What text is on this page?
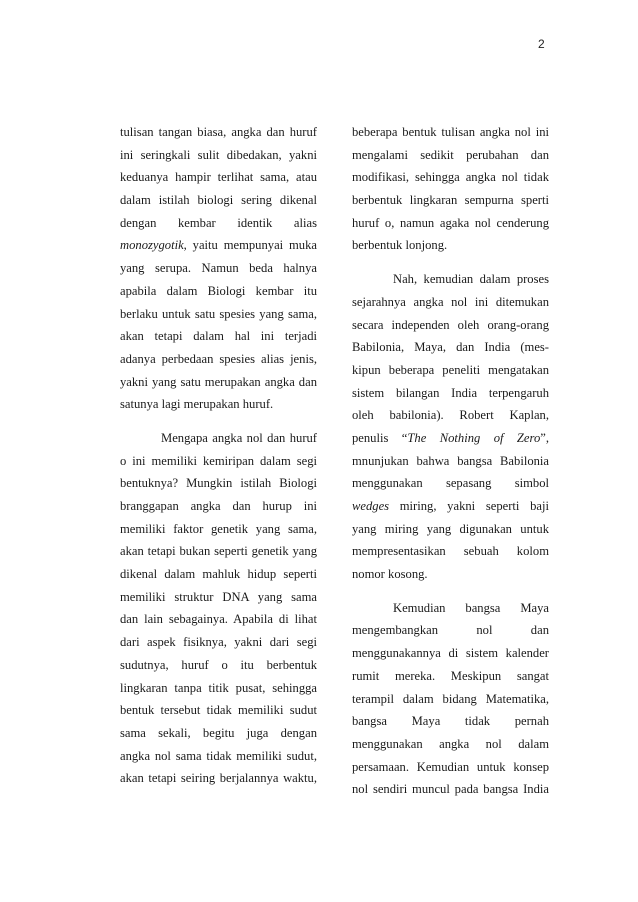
2
tulisan tangan biasa, angka dan huruf
ini seringkali sulit dibedakan, yakni
keduanya hampir terlihat sama, atau
dalam istilah biologi sering dikenal
dengan kembar identik alias
monozygotik, yaitu mempunyai muka
yang serupa. Namun beda halnya
apabila dalam Biologi kembar itu
berlaku untuk satu spesies yang sama,
akan tetapi dalam hal ini terjadi
adanya perbedaan spesies alias jenis,
yakni yang satu merupakan angka dan
satunya lagi merupakan huruf.
Mengapa angka nol dan huruf
o ini memiliki kemiripan dalam segi
bentuknya? Mungkin istilah Biologi
branggapan angka dan hurup ini
memiliki faktor genetik yang sama,
akan tetapi bukan seperti genetik yang
dikenal dalam mahluk hidup seperti
memiliki struktur DNA yang sama
dan lain sebagainya. Apabila di lihat
dari aspek fisiknya, yakni dari segi
sudutnya, huruf o itu berbentuk
lingkaran tanpa titik pusat, sehingga
bentuk tersebut tidak memiliki sudut
sama sekali, begitu juga dengan
angka nol sama tidak memiliki sudut,
akan tetapi seiring berjalannya waktu,
beberapa bentuk tulisan angka nol ini
mengalami sedikit perubahan dan
modifikasi, sehingga angka nol tidak
berbentuk lingkaran sempurna sperti
huruf o, namun agaka nol cenderung
berbentuk lonjong.
Nah, kemudian dalam proses
sejarahnya angka nol ini ditemukan
secara independen oleh orang-orang
Babilonia, Maya, dan India (mes-
kipun beberapa peneliti mengatakan
sistem bilangan India terpengaruh
oleh babilonia). Robert Kaplan,
penulis “The Nothing of Zero”,
mnunjukan bahwa bangsa Babilonia
menggunakan sepasang simbol
wedges miring, yakni seperti baji
yang miring yang digunakan untuk
mempresentasikan sebuah kolom
nomor kosong.
Kemudian bangsa Maya
mengembangkan nol dan
menggunakannya di sistem kalender
rumit mereka. Meskipun sangat
terampil dalam bidang Matematika,
bangsa Maya tidak pernah
menggunakan angka nol dalam
persamaan. Kemudian untuk konsep
nol sendiri muncul pada bangsa India
